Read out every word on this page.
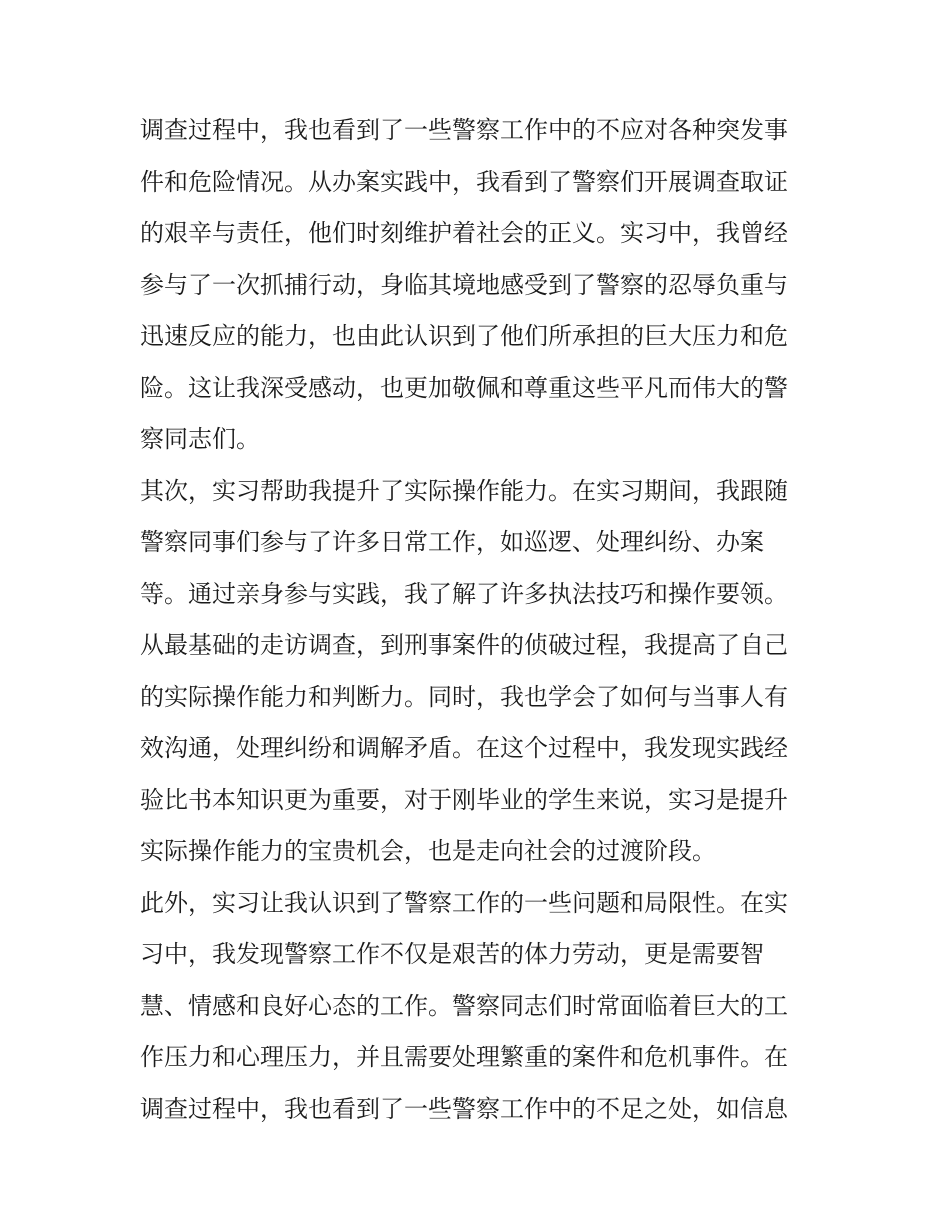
调查过程中，我也看到了一些警察工作中的不应对各种突发事
件和危险情况。从办案实践中，我看到了警察们开展调查取证
的艰辛与责任，他们时刻维护着社会的正义。实习中，我曾经
参与了一次抓捕行动，身临其境地感受到了警察的忍辱负重与
迅速反应的能力，也由此认识到了他们所承担的巨大压力和危
险。这让我深受感动，也更加敬佩和尊重这些平凡而伟大的警
察同志们。
其次，实习帮助我提升了实际操作能力。在实习期间，我跟随
警察同事们参与了许多日常工作，如巡逻、处理纠纷、办案
等。通过亲身参与实践，我了解了许多执法技巧和操作要领。
从最基础的走访调查，到刑事案件的侦破过程，我提高了自己
的实际操作能力和判断力。同时，我也学会了如何与当事人有
效沟通，处理纠纷和调解矛盾。在这个过程中，我发现实践经
验比书本知识更为重要，对于刚毕业的学生来说，实习是提升
实际操作能力的宝贵机会，也是走向社会的过渡阶段。
此外，实习让我认识到了警察工作的一些问题和局限性。在实
习中，我发现警察工作不仅是艰苦的体力劳动，更是需要智
慧、情感和良好心态的工作。警察同志们时常面临着巨大的工
作压力和心理压力，并且需要处理繁重的案件和危机事件。在
调查过程中，我也看到了一些警察工作中的不足之处，如信息
